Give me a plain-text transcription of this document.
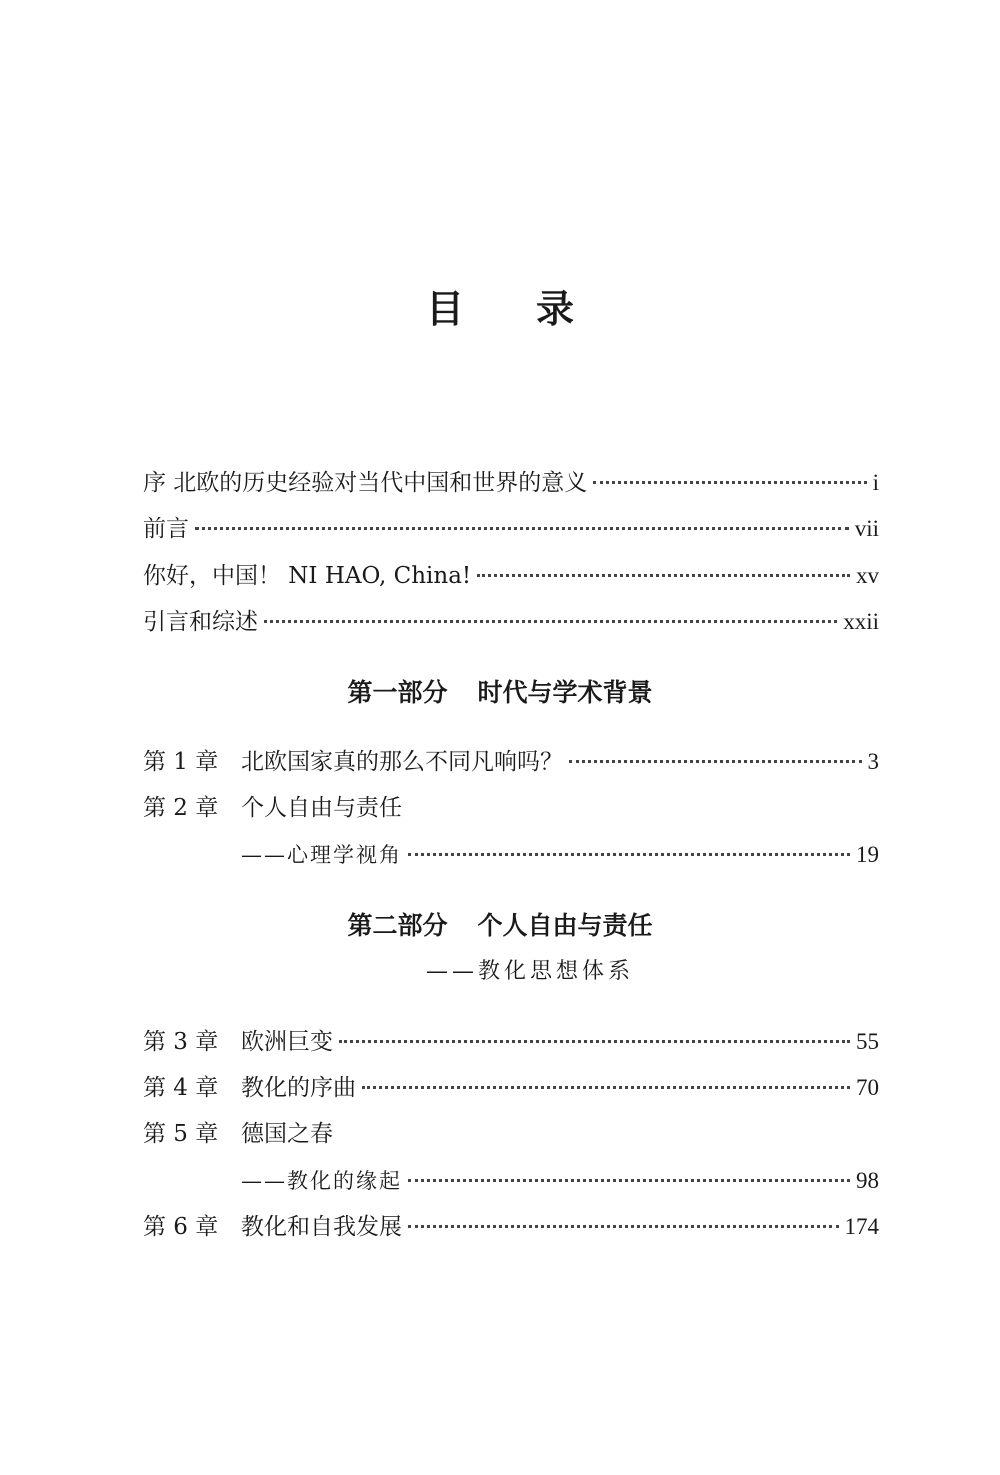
目 录
序 北欧的历史经验对当代中国和世界的意义	i
前言	vii
你好，中国！ NI HAO, China!	xv
引言和综述	xxii
第一部分 时代与学术背景
第 1 章 北欧国家真的那么不同凡响吗？	3
第 2 章 个人自由与责任
——心理学视角	19
第二部分 个人自由与责任
——教化思想体系
第 3 章 欧洲巨变	55
第 4 章 教化的序曲	70
第 5 章 德国之春
——教化的缘起	98
第 6 章 教化和自我发展	174
